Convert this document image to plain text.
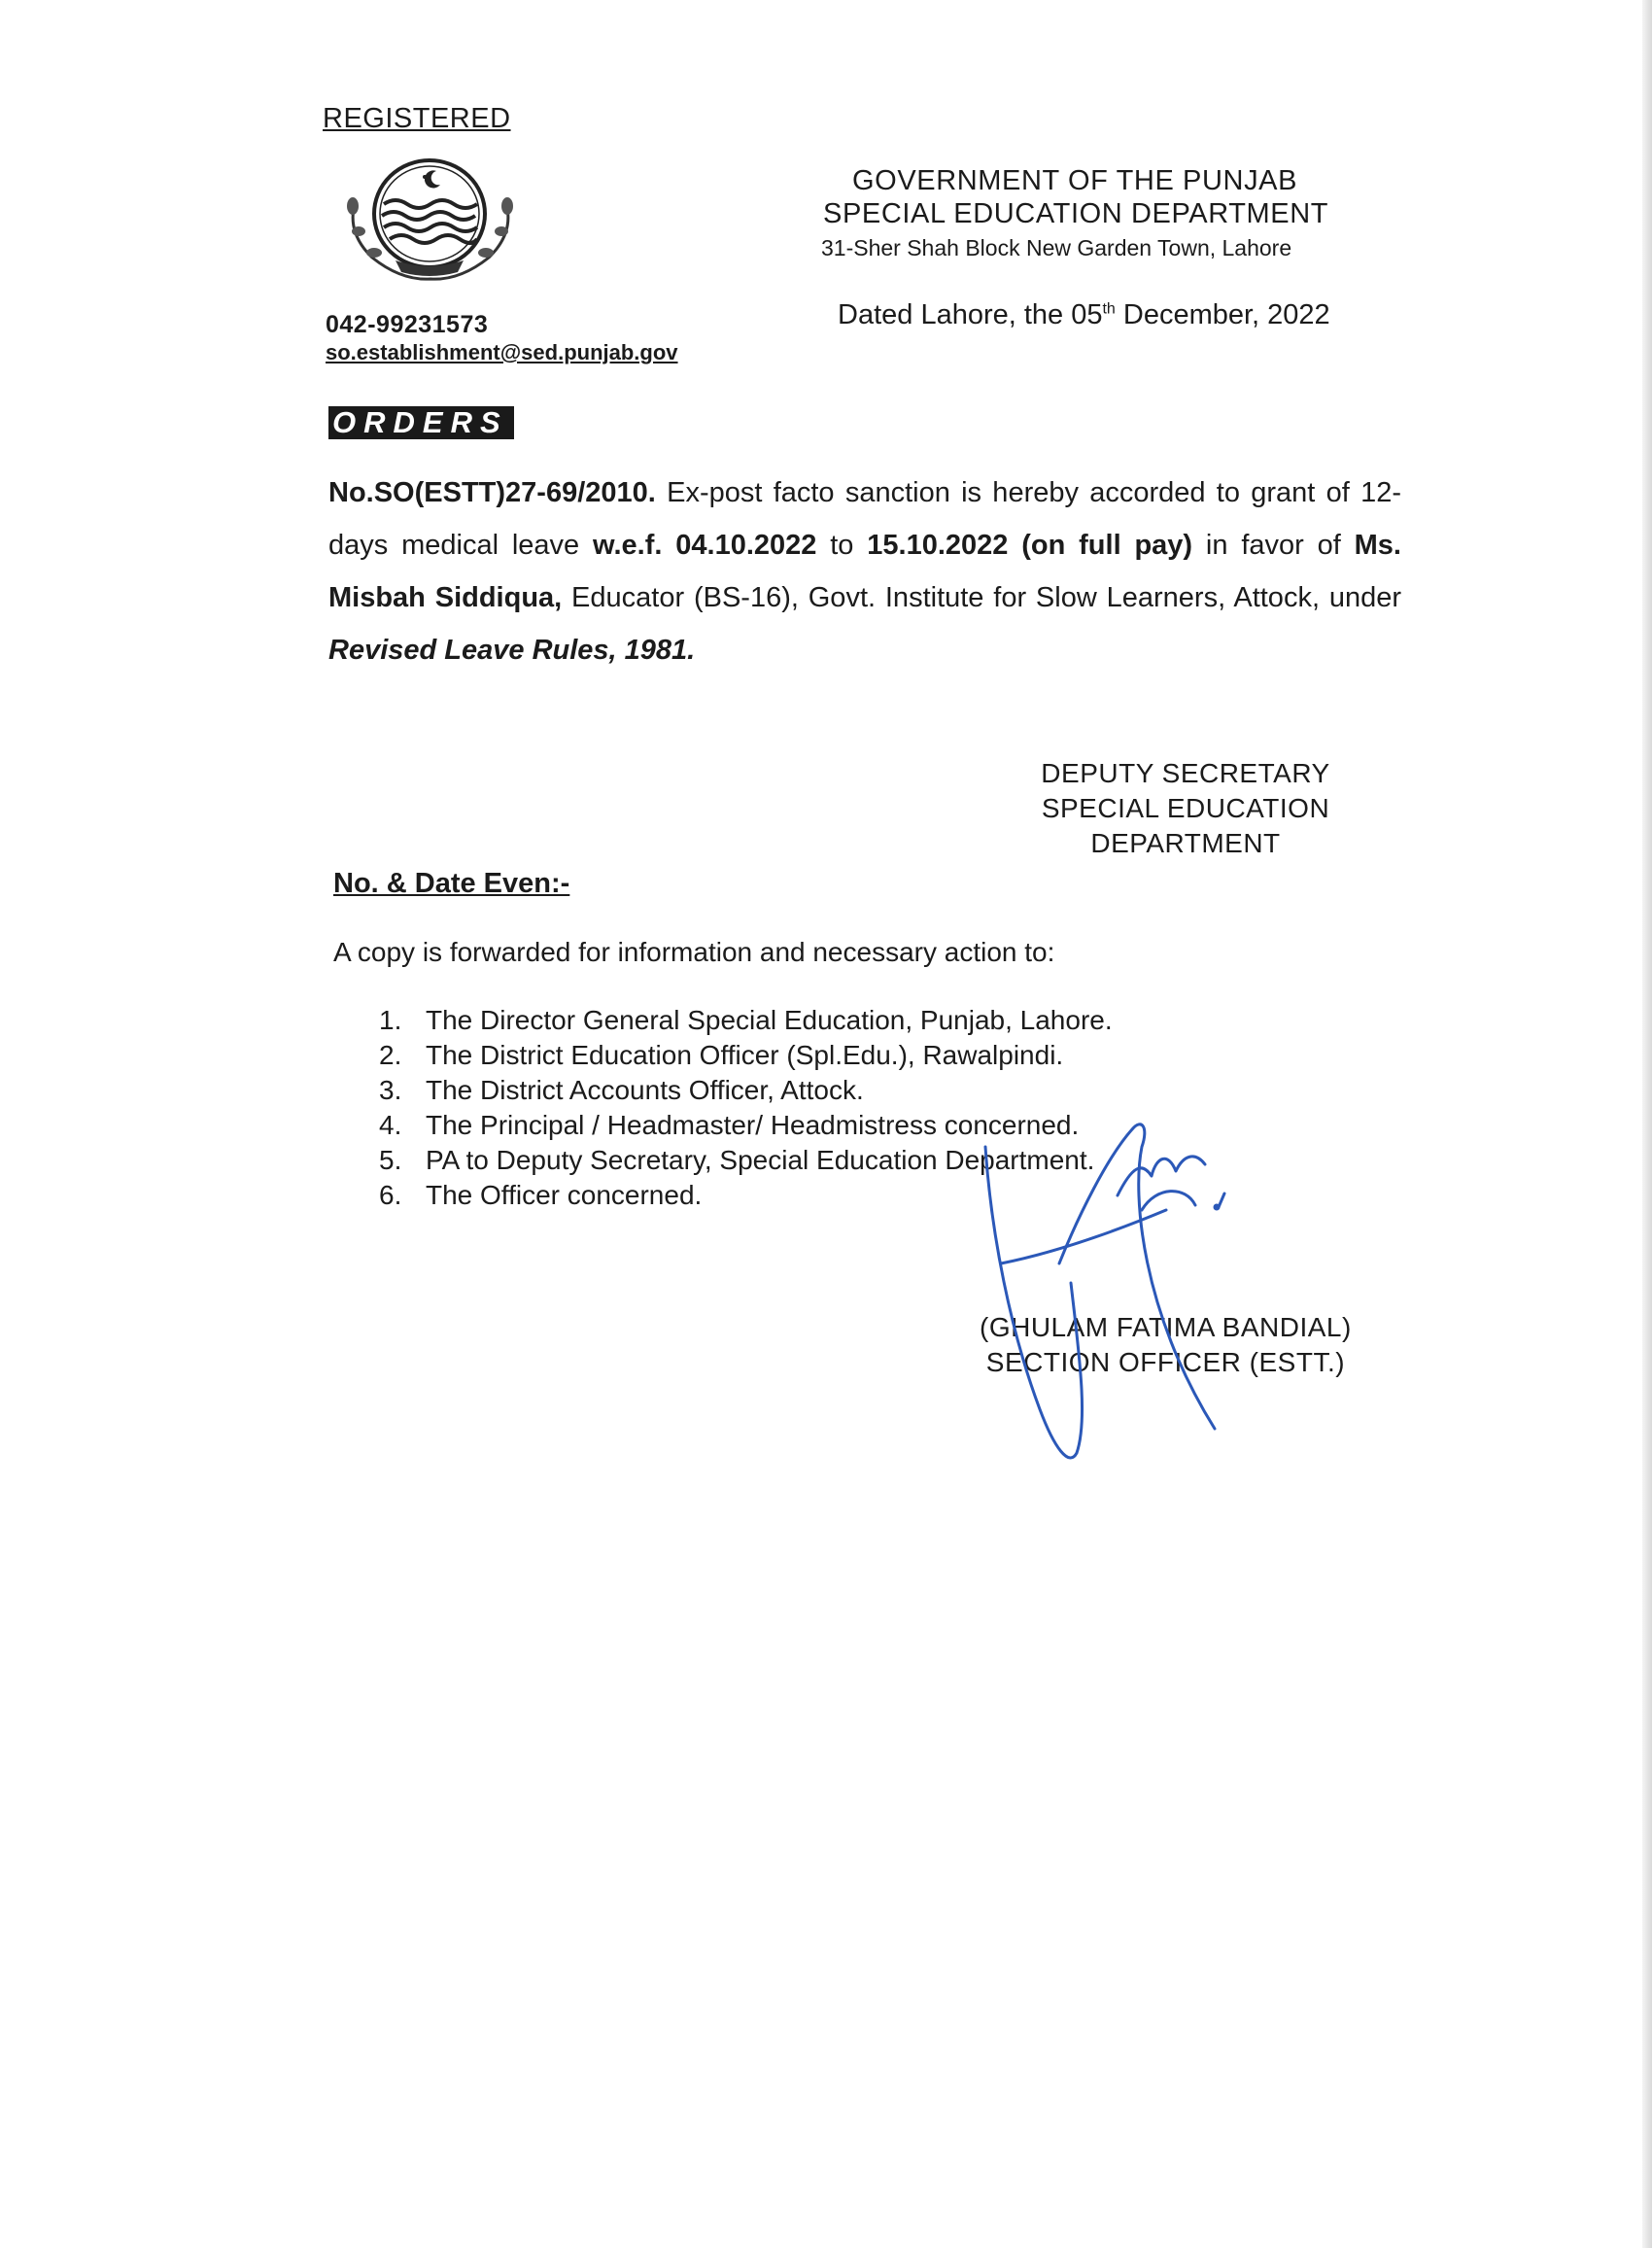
REGISTERED
042-99231573
so.establishment@sed.punjab.gov
GOVERNMENT OF THE PUNJAB
SPECIAL EDUCATION DEPARTMENT
31-Sher Shah Block New Garden Town, Lahore
Dated Lahore, the 05th December, 2022
ORDERS
No.SO(ESTT)27-69/2010. Ex-post facto sanction is hereby accorded to grant of 12-days medical leave w.e.f. 04.10.2022 to 15.10.2022 (on full pay) in favor of Ms. Misbah Siddiqua, Educator (BS-16), Govt. Institute for Slow Learners, Attock, under Revised Leave Rules, 1981.
DEPUTY SECRETARY
SPECIAL EDUCATION
DEPARTMENT
No. & Date Even:-
A copy is forwarded for information and necessary action to:
1. The Director General Special Education, Punjab, Lahore.
2. The District Education Officer (Spl.Edu.), Rawalpindi.
3. The District Accounts Officer, Attock.
4. The Principal / Headmaster/ Headmistress concerned.
5. PA to Deputy Secretary, Special Education Department.
6. The Officer concerned.
(GHULAM FATIMA BANDIAL)
SECTION OFFICER (ESTT.)
